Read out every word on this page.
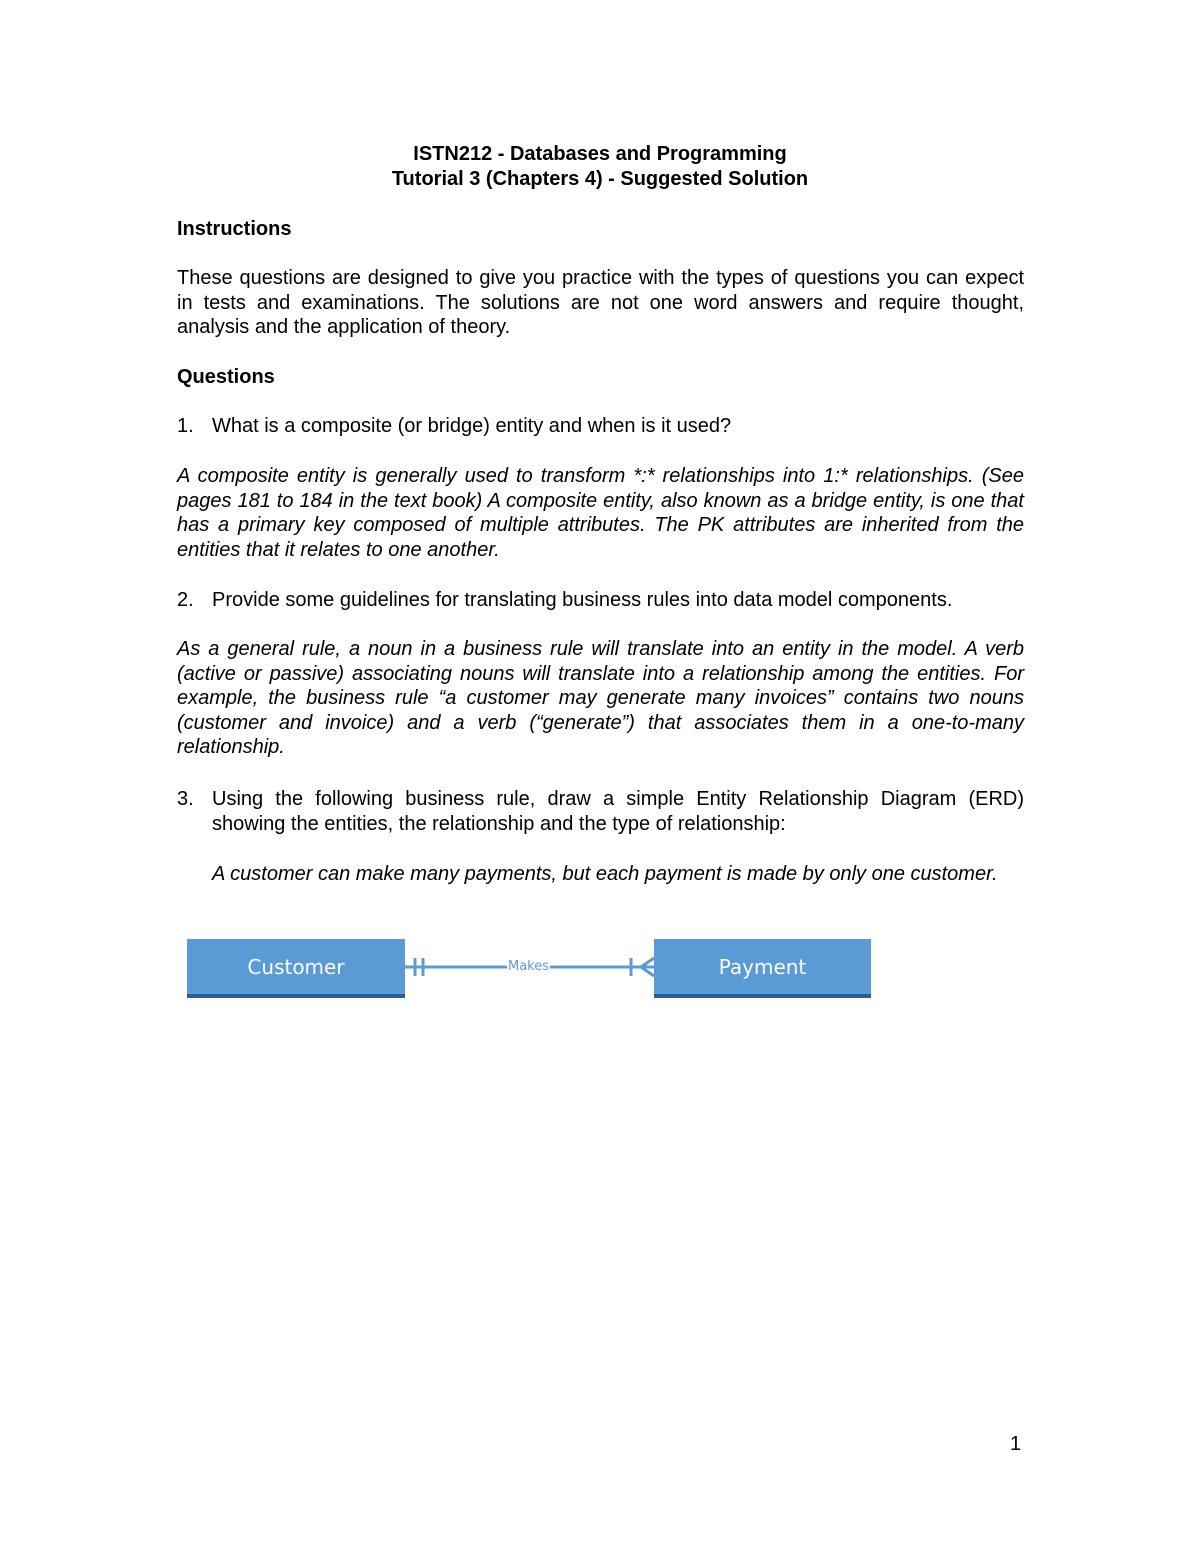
ISTN212 - Databases and Programming
Tutorial 3 (Chapters 4) - Suggested Solution
Instructions
These questions are designed to give you practice with the types of questions you can expect in tests and examinations. The solutions are not one word answers and require thought, analysis and the application of theory.
Questions
1. What is a composite (or bridge) entity and when is it used?
A composite entity is generally used to transform *:* relationships into 1:* relationships. (See pages 181 to 184 in the text book) A composite entity, also known as a bridge entity, is one that has a primary key composed of multiple attributes. The PK attributes are inherited from the entities that it relates to one another.
2. Provide some guidelines for translating business rules into data model components.
As a general rule, a noun in a business rule will translate into an entity in the model. A verb (active or passive) associating nouns will translate into a relationship among the entities. For example, the business rule “a customer may generate many invoices” contains two nouns (customer and invoice) and a verb (“generate”) that associates them in a one-to-many relationship.
3. Using the following business rule, draw a simple Entity Relationship Diagram (ERD) showing the entities, the relationship and the type of relationship:
A customer can make many payments, but each payment is made by only one customer.
Customer	Makes	Payment
1
